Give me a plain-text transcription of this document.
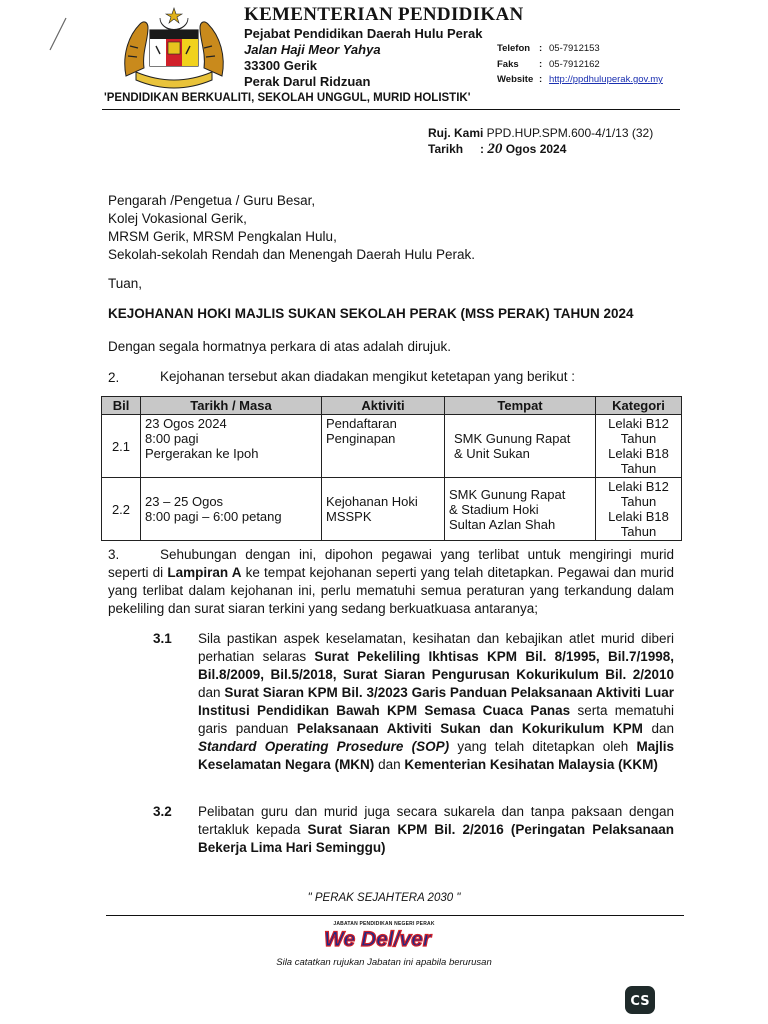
KEMENTERIAN PENDIDIKAN
Pejabat Pendidikan Daerah Hulu Perak
Jalan Haji Meor Yahya
33300 Gerik
Perak Darul Ridzuan
Telefon : 05-7912153
Faks : 05-7912162
Website : http://ppdhuluperak.gov.my
'PENDIDIKAN BERKUALITI, SEKOLAH UNGGUL, MURID HOLISTIK'
Ruj. Kami: PPD.HUP.SPM.600-4/1/13 (32)
Tarikh : 20 Ogos 2024
Pengarah /Pengetua / Guru Besar,
Kolej Vokasional Gerik,
MRSM Gerik, MRSM Pengkalan Hulu,
Sekolah-sekolah Rendah dan Menengah Daerah Hulu Perak.
Tuan,
KEJOHANAN HOKI MAJLIS SUKAN SEKOLAH PERAK (MSS PERAK) TAHUN 2024
Dengan segala hormatnya perkara di atas adalah dirujuk.
2.	Kejohanan tersebut akan diadakan mengikut ketetapan yang berikut :
Bil	Tarikh / Masa	Aktiviti	Tempat	Kategori
2.1	23 Ogos 2024
8:00 pagi
Pergerakan ke Ipoh	Pendaftaran
Penginapan	SMK Gunung Rapat
& Unit Sukan	Lelaki B12
Tahun
Lelaki B18
Tahun

2.2	23 – 25 Ogos
8:00 pagi – 6:00 petang	Kejohanan Hoki
MSSPK	SMK Gunung Rapat
& Stadium Hoki
Sultan Azlan Shah	Lelaki B12
Tahun
Lelaki B18
Tahun
3.	Sehubungan dengan ini, dipohon pegawai yang terlibat untuk mengiringi murid seperti di Lampiran A ke tempat kejohanan seperti yang telah ditetapkan. Pegawai dan murid yang terlibat dalam kejohanan ini, perlu mematuhi semua peraturan yang terkandung dalam pekeliling dan surat siaran terkini yang sedang berkuatkuasa antaranya;
3.1 Sila pastikan aspek keselamatan, kesihatan dan kebajikan atlet murid diberi perhatian selaras Surat Pekeliling Ikhtisas KPM Bil. 8/1995, Bil.7/1998, Bil.8/2009, Bil.5/2018, Surat Siaran Pengurusan Kokurikulum Bil. 2/2010 dan Surat Siaran KPM Bil. 3/2023 Garis Panduan Pelaksanaan Aktiviti Luar Institusi Pendidikan Bawah KPM Semasa Cuaca Panas serta mematuhi garis panduan Pelaksanaan Aktiviti Sukan dan Kokurikulum KPM dan Standard Operating Prosedure (SOP) yang telah ditetapkan oleh Majlis Keselamatan Negara (MKN) dan Kementerian Kesihatan Malaysia (KKM)
3.2 Pelibatan guru dan murid juga secara sukarela dan tanpa paksaan dengan tertakluk kepada Surat Siaran KPM Bil. 2/2016 (Peringatan Pelaksanaan Bekerja Lima Hari Seminggu)
" PERAK SEJAHTERA 2030 "
JABATAN PENDIDIKAN NEGERI PERAK
We Del/ver
Sila catatkan rujukan Jabatan ini apabila berurusan
CS
